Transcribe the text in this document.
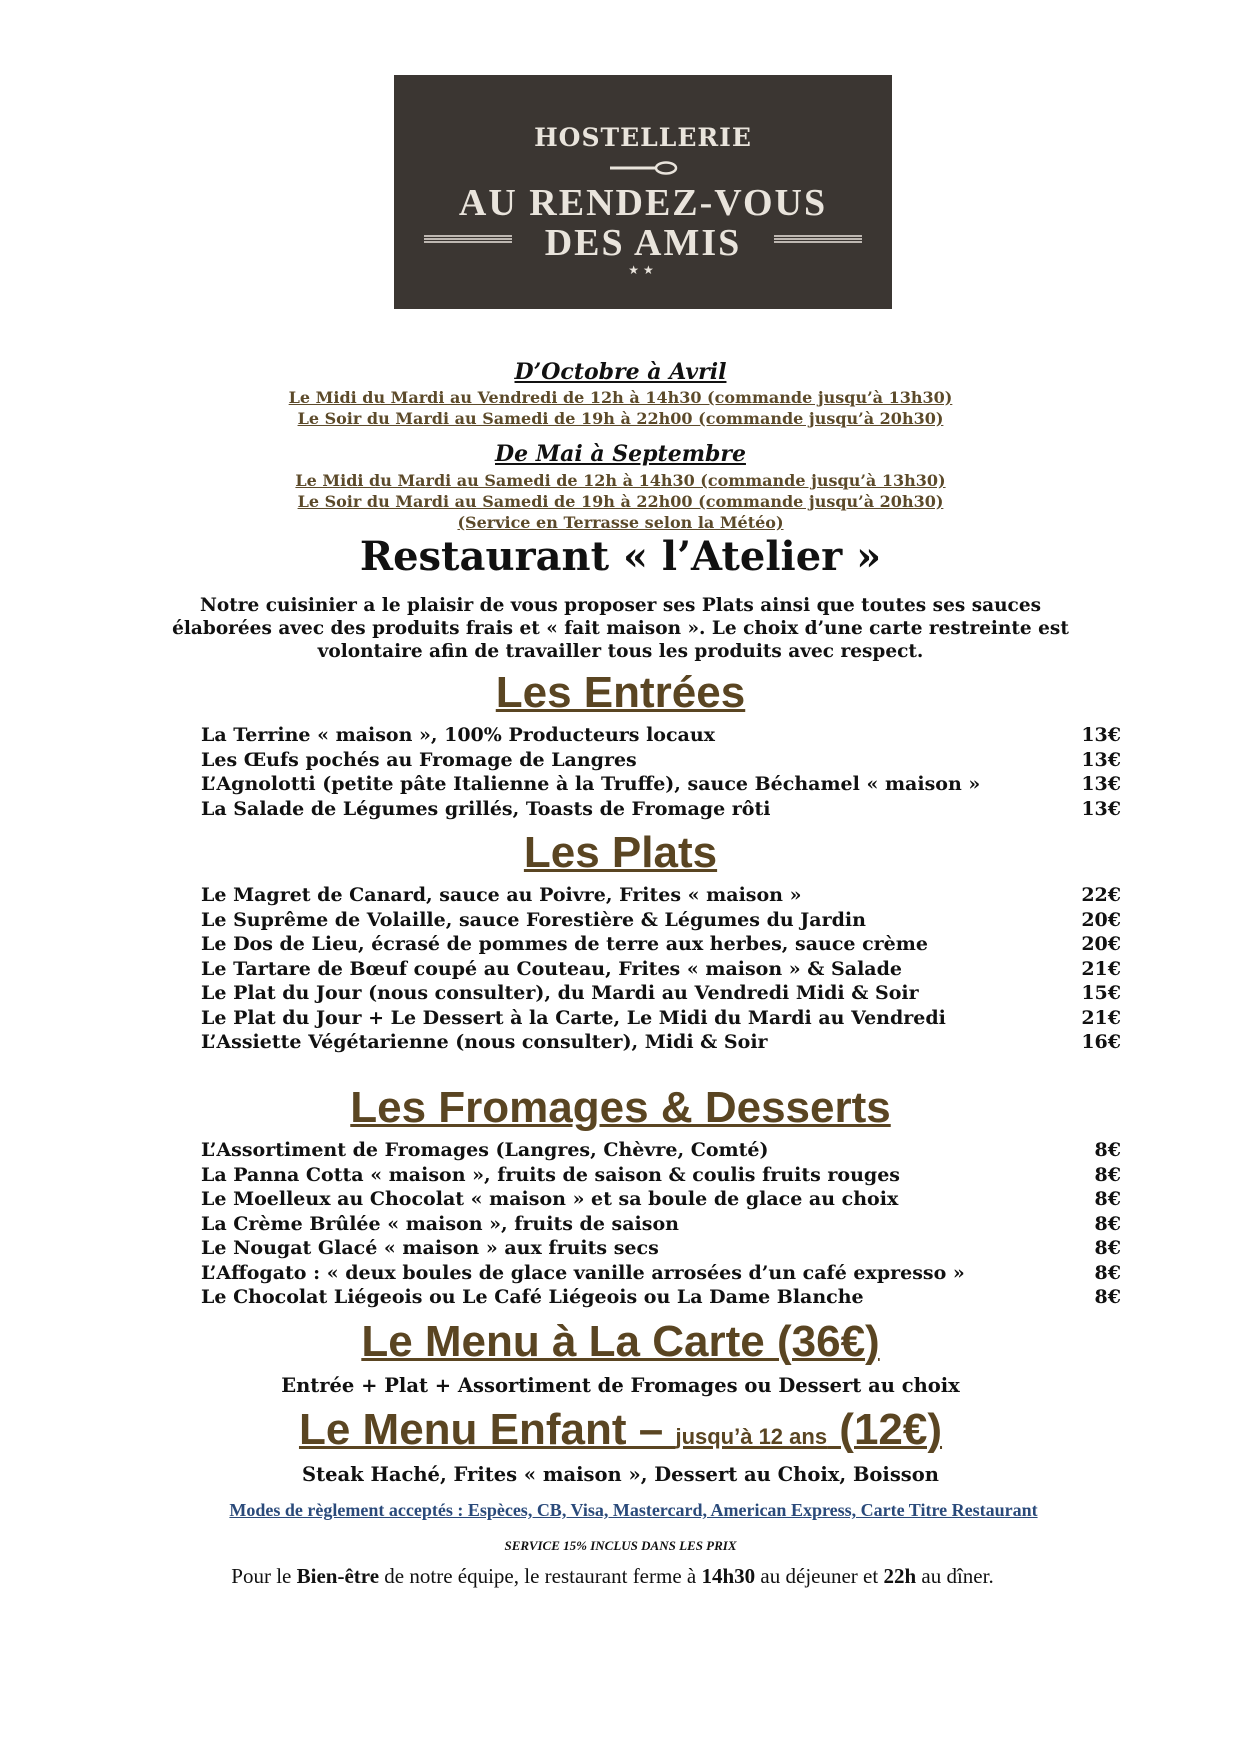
HOSTELLERIE
AU RENDEZ-VOUS
DES AMIS
★★
D’Octobre à Avril
Le Midi du Mardi au Vendredi de 12h à 14h30 (commande jusqu’à 13h30)
Le Soir du Mardi au Samedi de 19h à 22h00 (commande jusqu’à 20h30)
De Mai à Septembre
Le Midi du Mardi au Samedi de 12h à 14h30 (commande jusqu’à 13h30)
Le Soir du Mardi au Samedi de 19h à 22h00 (commande jusqu’à 20h30)
(Service en Terrasse selon la Météo)
Restaurant « l’Atelier »
Notre cuisinier a le plaisir de vous proposer ses Plats ainsi que toutes ses sauces
élaborées avec des produits frais et « fait maison ». Le choix d’une carte restreinte est
volontaire afin de travailler tous les produits avec respect.
Les Entrées
La Terrine « maison », 100% Producteurs locaux	13€
Les Œufs pochés au Fromage de Langres	13€
L’Agnolotti (petite pâte Italienne à la Truffe), sauce Béchamel « maison »	13€
La Salade de Légumes grillés, Toasts de Fromage rôti	13€
Les Plats
Le Magret de Canard, sauce au Poivre, Frites « maison »	22€
Le Suprême de Volaille, sauce Forestière & Légumes du Jardin	20€
Le Dos de Lieu, écrasé de pommes de terre aux herbes, sauce crème	20€
Le Tartare de Bœuf coupé au Couteau, Frites « maison » & Salade	21€
Le Plat du Jour (nous consulter), du Mardi au Vendredi Midi & Soir	15€
Le Plat du Jour + Le Dessert à la Carte, Le Midi du Mardi au Vendredi	21€
L’Assiette Végétarienne (nous consulter), Midi & Soir	16€
Les Fromages & Desserts
L’Assortiment de Fromages (Langres, Chèvre, Comté)	8€
La Panna Cotta « maison », fruits de saison & coulis fruits rouges	8€
Le Moelleux au Chocolat « maison » et sa boule de glace au choix	8€
La Crème Brûlée « maison », fruits de saison	8€
Le Nougat Glacé « maison » aux fruits secs	8€
L’Affogato : « deux boules de glace vanille arrosées d’un café expresso »	8€
Le Chocolat Liégeois ou Le Café Liégeois ou La Dame Blanche	8€
Le Menu à La Carte (36€)
Entrée + Plat + Assortiment de Fromages ou Dessert au choix
Le Menu Enfant – jusqu’à 12 ans (12€)
Steak Haché, Frites « maison », Dessert au Choix, Boisson
Modes de règlement acceptés : Espèces, CB, Visa, Mastercard, American Express, Carte Titre Restaurant
SERVICE 15% INCLUS DANS LES PRIX
Pour le Bien-être de notre équipe, le restaurant ferme à 14h30 au déjeuner et 22h au dîner.
